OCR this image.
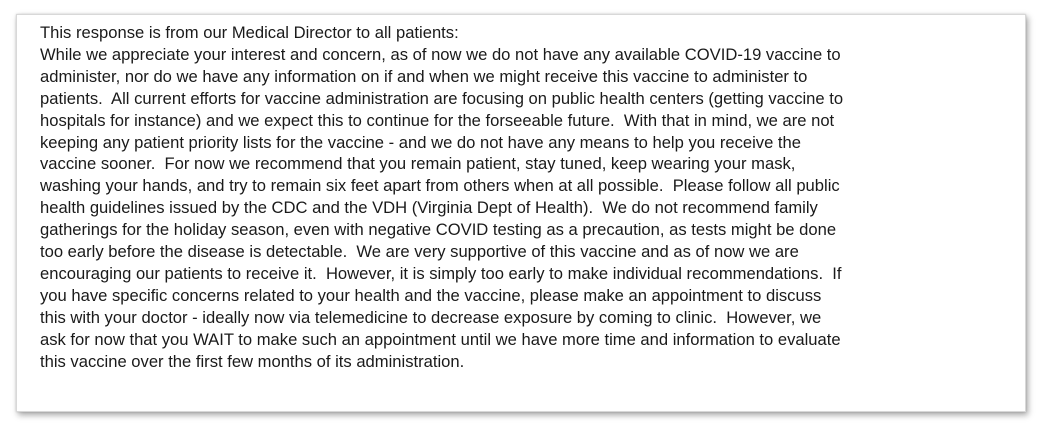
This response is from our Medical Director to all patients:

While we appreciate your interest and concern, as of now we do not have any available COVID-19 vaccine to

administer, nor do we have any information on if and when we might receive this vaccine to administer to

patients.  All current efforts for vaccine administration are focusing on public health centers (getting vaccine to

hospitals for instance) and we expect this to continue for the forseeable future.  With that in mind, we are not

keeping any patient priority lists for the vaccine - and we do not have any means to help you receive the

vaccine sooner.  For now we recommend that you remain patient, stay tuned, keep wearing your mask,

washing your hands, and try to remain six feet apart from others when at all possible.  Please follow all public

health guidelines issued by the CDC and the VDH (Virginia Dept of Health).  We do not recommend family

gatherings for the holiday season, even with negative COVID testing as a precaution, as tests might be done

too early before the disease is detectable.  We are very supportive of this vaccine and as of now we are

encouraging our patients to receive it.  However, it is simply too early to make individual recommendations.  If

you have specific concerns related to your health and the vaccine, please make an appointment to discuss

this with your doctor - ideally now via telemedicine to decrease exposure by coming to clinic.  However, we

ask for now that you WAIT to make such an appointment until we have more time and information to evaluate

this vaccine over the first few months of its administration.
